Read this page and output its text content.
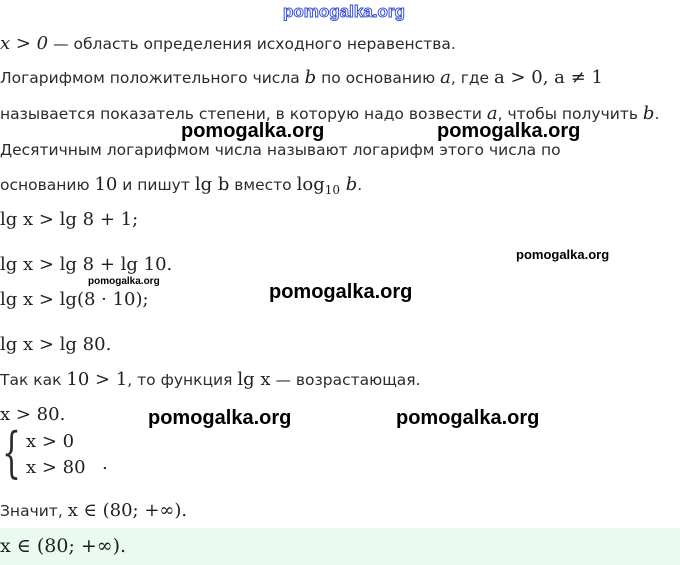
pomogalka.org
x > 0 — область определения исходного неравенства.
Логарифмом положительного числа b по основанию a, где a > 0, a ≠ 1
называется показатель степени, в которую надо возвести a, чтобы получить b.
pomogalka.org	pomogalka.org
Десятичным логарифмом числа называют логарифм этого числа по
основанию 10 и пишут lg b вместо $\log_{10} b$.
lg x > lg 8 + 1;
pomogalka.org
lg x > lg 8 + lg 10.
pomogalka.org	pomogalka.org
lg x > lg(8 · 10);
lg x > lg 80.
Так как 10 > 1, то функция lg x — возрастающая.
x > 80.	pomogalka.org	pomogalka.org
{ x > 0
x > 80 .
Значит, x ∈ (80; +∞).
x ∈ (80; +∞).
